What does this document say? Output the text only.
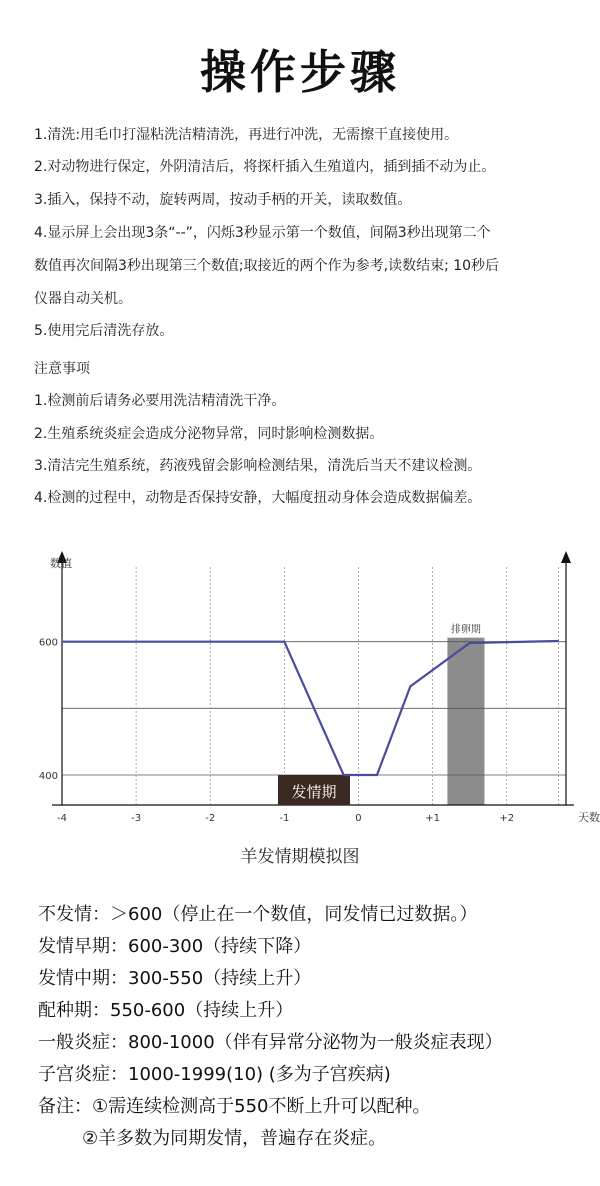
操作步骤
1.清洗:用毛巾打湿粘洗洁精清洗，再进行冲洗，无需擦干直接使用。
2.对动物进行保定，外阴清洁后，将探杆插入生殖道内，插到插不动为止。
3.插入，保持不动，旋转两周，按动手柄的开关，读取数值。
4.显示屏上会出现3条“--”，闪烁3秒显示第一个数值，间隔3秒出现第二个
数值再次间隔3秒出现第三个数值;取接近的两个作为参考,读数结束; 10秒后
仪器自动关机。
5.使用完后清洗存放。
注意事项
1.检测前后请务必要用洗洁精清洗干净。
2.生殖系统炎症会造成分泌物异常，同时影响检测数据。
3.清洁完生殖系统，药液残留会影响检测结果，清洗后当天不建议检测。
4.检测的过程中，动物是否保持安静，大幅度扭动身体会造成数据偏差。
排卵期
数值
天数
600
400
-4	-3	-2	-1	0	+1	+2
发情期
羊发情期模拟图
不发情：＞600（停止在一个数值，同发情已过数据。）
发情早期：600-300（持续下降）
发情中期：300-550（持续上升）
配种期：550-600（持续上升）
一般炎症：800-1000（伴有异常分泌物为一般炎症表现）
子宫炎症：1000-1999(10) (多为子宫疾病)
备注：①需连续检测高于550不断上升可以配种。
②羊多数为同期发情，普遍存在炎症。
